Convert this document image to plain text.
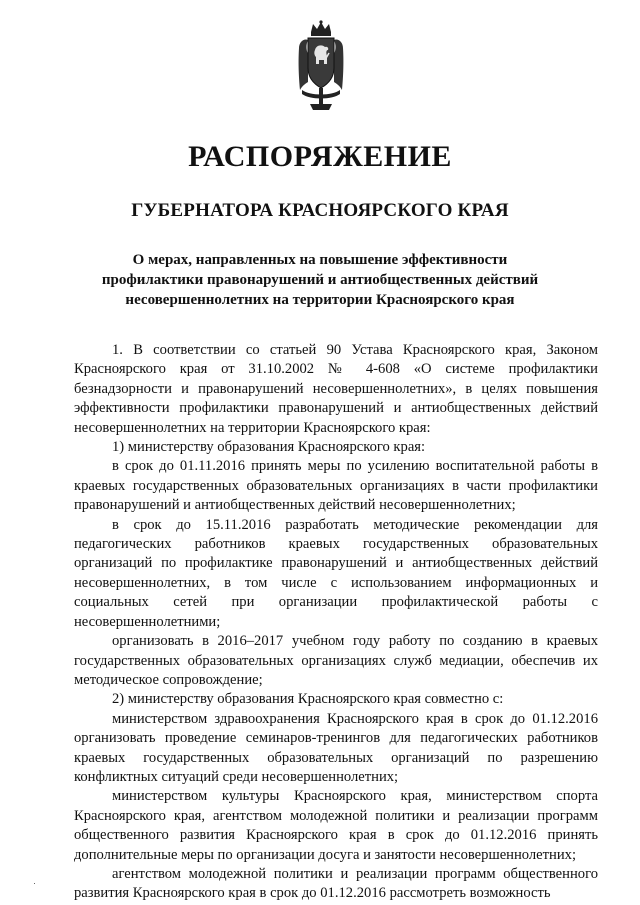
РАСПОРЯЖЕНИЕ
ГУБЕРНАТОРА КРАСНОЯРСКОГО КРАЯ

О мерах, направленных на повышение эффективности профилактики правонарушений и антиобщественных действий несовершеннолетних на территории Красноярского края

1. В соответствии со статьей 90 Устава Красноярского края, Законом Красноярского края от 31.10.2002 № 4-608 «О системе профилактики безнадзорности и правонарушений несовершеннолетних», в целях повышения эффективности профилактики правонарушений и антиобщественных действий несовершеннолетних на территории Красноярского края:

1) министерству образования Красноярского края:

в срок до 01.11.2016 принять меры по усилению воспитательной работы в краевых государственных образовательных организациях в части профилактики правонарушений и антиобщественных действий несовершеннолетних;

в срок до 15.11.2016 разработать методические рекомендации для педагогических работников краевых государственных образовательных организаций по профилактике правонарушений и антиобщественных действий несовершеннолетних, в том числе с использованием информационных и социальных сетей при организации профилактической работы с несовершеннолетними;

организовать в 2016–2017 учебном году работу по созданию в краевых государственных образовательных организациях служб медиации, обеспечив их методическое сопровождение;

2) министерству образования Красноярского края совместно с:

министерством здравоохранения Красноярского края в срок до 01.12.2016 организовать проведение семинаров-тренингов для педагогических работников краевых государственных образовательных организаций по разрешению конфликтных ситуаций среди несовершеннолетних;

министерством культуры Красноярского края, министерством спорта Красноярского края, агентством молодежной политики и реализации программ общественного развития Красноярского края в срок до 01.12.2016 принять дополнительные меры по организации досуга и занятости несовершеннолетних;

агентством молодежной политики и реализации программ общественного развития Красноярского края в срок до 01.12.2016 рассмотреть возможность
